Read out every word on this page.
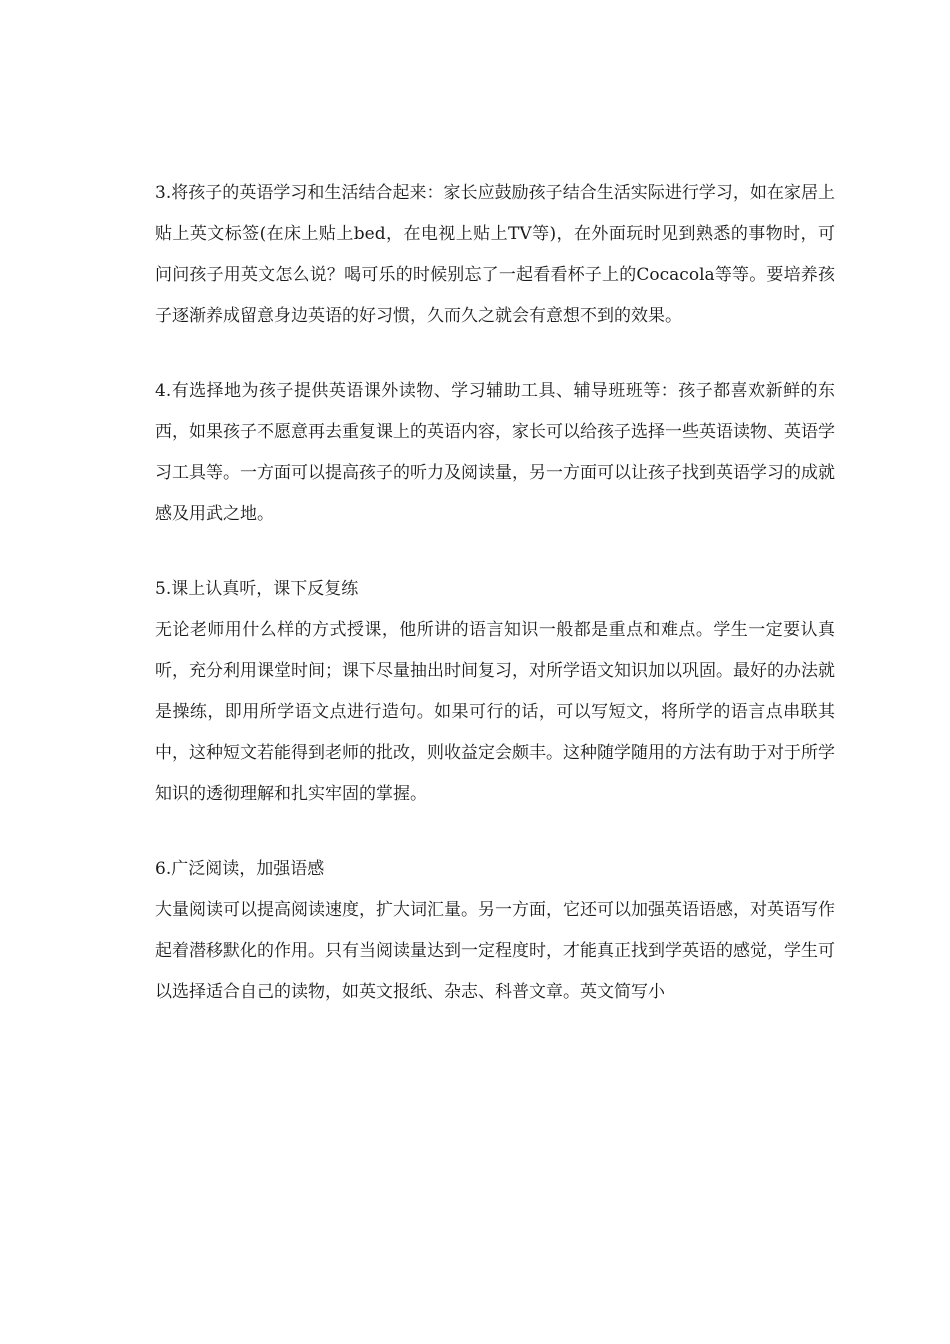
3.将孩子的英语学习和生活结合起来：家长应鼓励孩子结合生活实际进行学习，如在家居上贴上英文标签(在床上贴上bed，在电视上贴上TV等)，在外面玩时见到熟悉的事物时，可问问孩子用英文怎么说？喝可乐的时候别忘了一起看看杯子上的Cocacola等等。要培养孩子逐渐养成留意身边英语的好习惯，久而久之就会有意想不到的效果。

4.有选择地为孩子提供英语课外读物、学习辅助工具、辅导班班等：孩子都喜欢新鲜的东西，如果孩子不愿意再去重复课上的英语内容，家长可以给孩子选择一些英语读物、英语学习工具等。一方面可以提高孩子的听力及阅读量，另一方面可以让孩子找到英语学习的成就感及用武之地。

5.课上认真听，课下反复练

无论老师用什么样的方式授课，他所讲的语言知识一般都是重点和难点。学生一定要认真听，充分利用课堂时间；课下尽量抽出时间复习，对所学语文知识加以巩固。最好的办法就是操练，即用所学语文点进行造句。如果可行的话，可以写短文，将所学的语言点串联其中，这种短文若能得到老师的批改，则收益定会颇丰。这种随学随用的方法有助于对于所学知识的透彻理解和扎实牢固的掌握。

6.广泛阅读，加强语感

大量阅读可以提高阅读速度，扩大词汇量。另一方面，它还可以加强英语语感，对英语写作起着潜移默化的作用。只有当阅读量达到一定程度时，才能真正找到学英语的感觉，学生可以选择适合自己的读物，如英文报纸、杂志、科普文章。英文简写小
